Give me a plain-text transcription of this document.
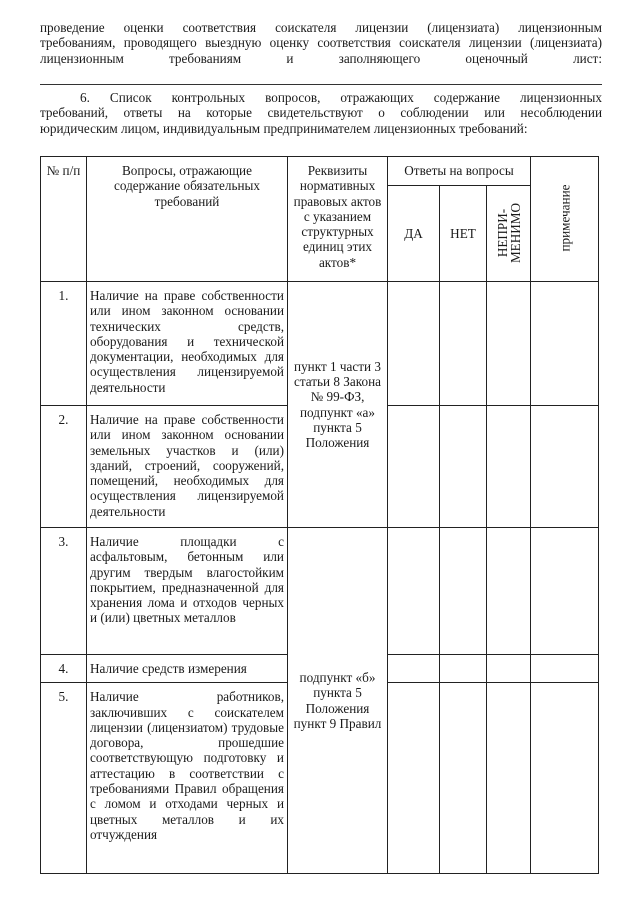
проведение оценки соответствия соискателя лицензии (лицензиата) лицензионным
требованиям, проводящего выездную оценку соответствия соискателя лицензии (лицензиата)
лицензионным требованиям и заполняющего оценочный лист:
6. Список контрольных вопросов, отражающих содержание лицензионных
требований, ответы на которые свидетельствуют о соблюдении или несоблюдении
юридическим лицом, индивидуальным предпринимателем лицензионных требований:
№ п/п	Вопросы, отражающие содержание обязательных требований	Реквизиты нормативных правовых актов с указанием структурных единиц этих актов*	Ответы на вопросы			примечание

			ДА	НЕТ	НЕПРИ-
МЕНИМО	

1.	Наличие на праве собственности или ином законном основании технических средств, оборудования и технической документации, необходимых для осуществления лицензируемой деятельности	пункт 1 части 3 статьи 8 Закона № 99-ФЗ, подпункт «а» пункта 5 Положения				
2.	Наличие на праве собственности или ином законном основании земельных участков и (или) зданий, строений, сооружений, помещений, необходимых для осуществления лицензируемой деятельности					

3.	Наличие площадки с асфальтовым, бетонным или другим твердым влагостойким покрытием, предназначенной для хранения лома и отходов черных и (или) цветных металлов	подпункт «б» пункта 5 Положения пункт 9 Правил				
4.	Наличие средств измерения					

5.	Наличие работников, заключивших с соискателем лицензии (лицензиатом) трудовые договора, прошедшие соответствующую подготовку и аттестацию в соответствии с требованиями Правил обращения с ломом и отходами черных и цветных металлов и их отчуждения					
